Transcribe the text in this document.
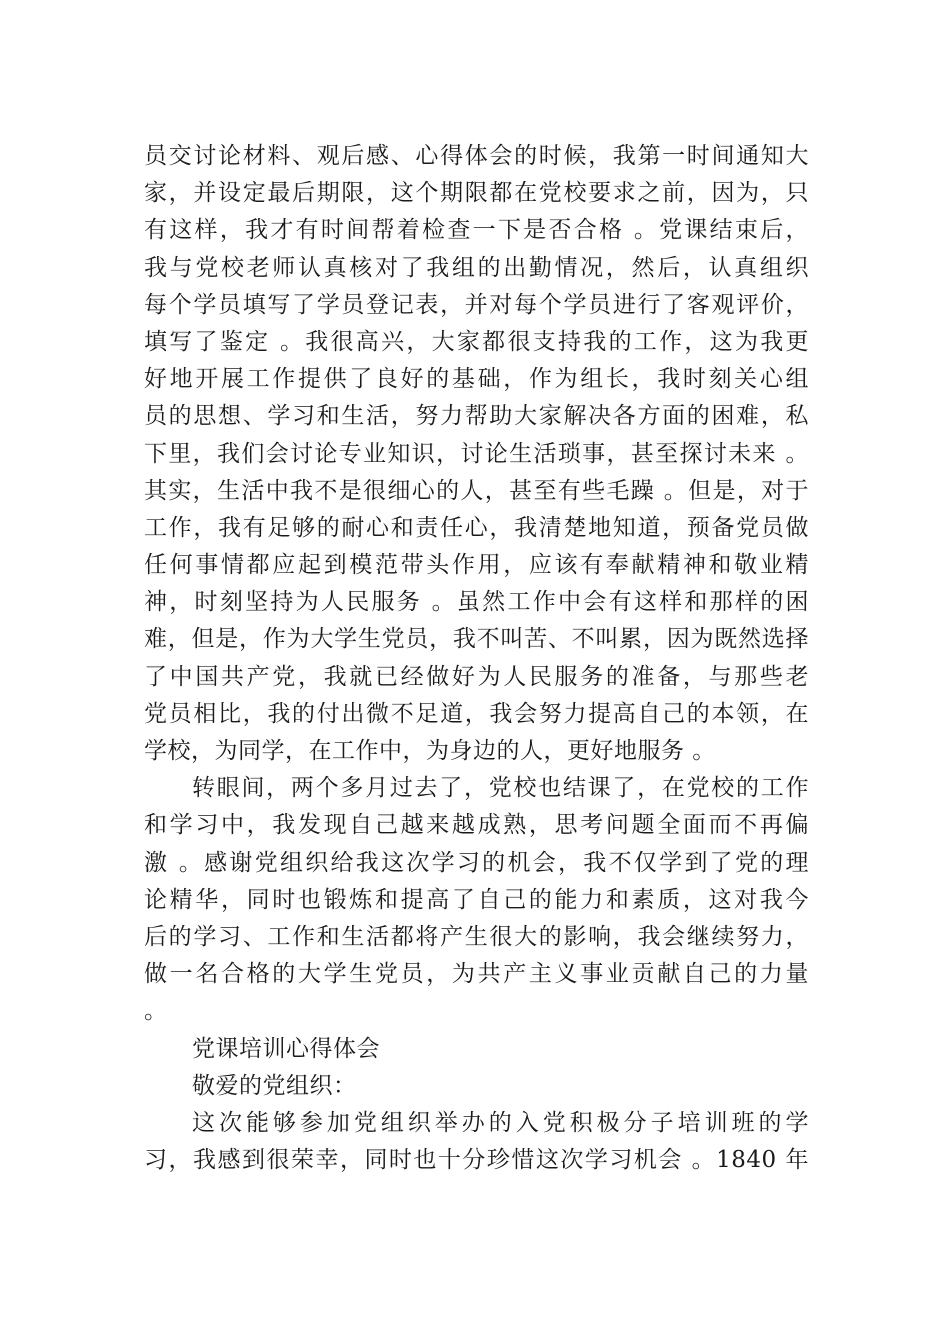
员交讨论材料、观后感、心得体会的时候，我第一时间通知大
家，并设定最后期限，这个期限都在党校要求之前，因为，只
有这样，我才有时间帮着检查一下是否合格 。党课结束后，
我与党校老师认真核对了我组的出勤情况，然后，认真组织
每个学员填写了学员登记表，并对每个学员进行了客观评价，
填写了鉴定 。我很高兴，大家都很支持我的工作，这为我更
好地开展工作提供了良好的基础，作为组长，我时刻关心组
员的思想、学习和生活，努力帮助大家解决各方面的困难，私
下里，我们会讨论专业知识，讨论生活琐事，甚至探讨未来 。
其实，生活中我不是很细心的人，甚至有些毛躁 。但是，对于
工作，我有足够的耐心和责任心，我清楚地知道，预备党员做
任何事情都应起到模范带头作用，应该有奉献精神和敬业精
神，时刻坚持为人民服务 。虽然工作中会有这样和那样的困
难，但是，作为大学生党员，我不叫苦、不叫累，因为既然选择
了中国共产党，我就已经做好为人民服务的准备，与那些老
党员相比，我的付出微不足道，我会努力提高自己的本领，在
学校，为同学，在工作中，为身边的人，更好地服务 。
转眼间，两个多月过去了，党校也结课了，在党校的工作
和学习中，我发现自己越来越成熟，思考问题全面而不再偏
激 。感谢党组织给我这次学习的机会，我不仅学到了党的理
论精华，同时也锻炼和提高了自己的能力和素质，这对我今
后的学习、工作和生活都将产生很大的影响，我会继续努力，
做一名合格的大学生党员，为共产主义事业贡献自己的力量
。
党课培训心得体会
敬爱的党组织：
这次能够参加党组织举办的入党积极分子培训班的学
习，我感到很荣幸，同时也十分珍惜这次学习机会 。1840 年
